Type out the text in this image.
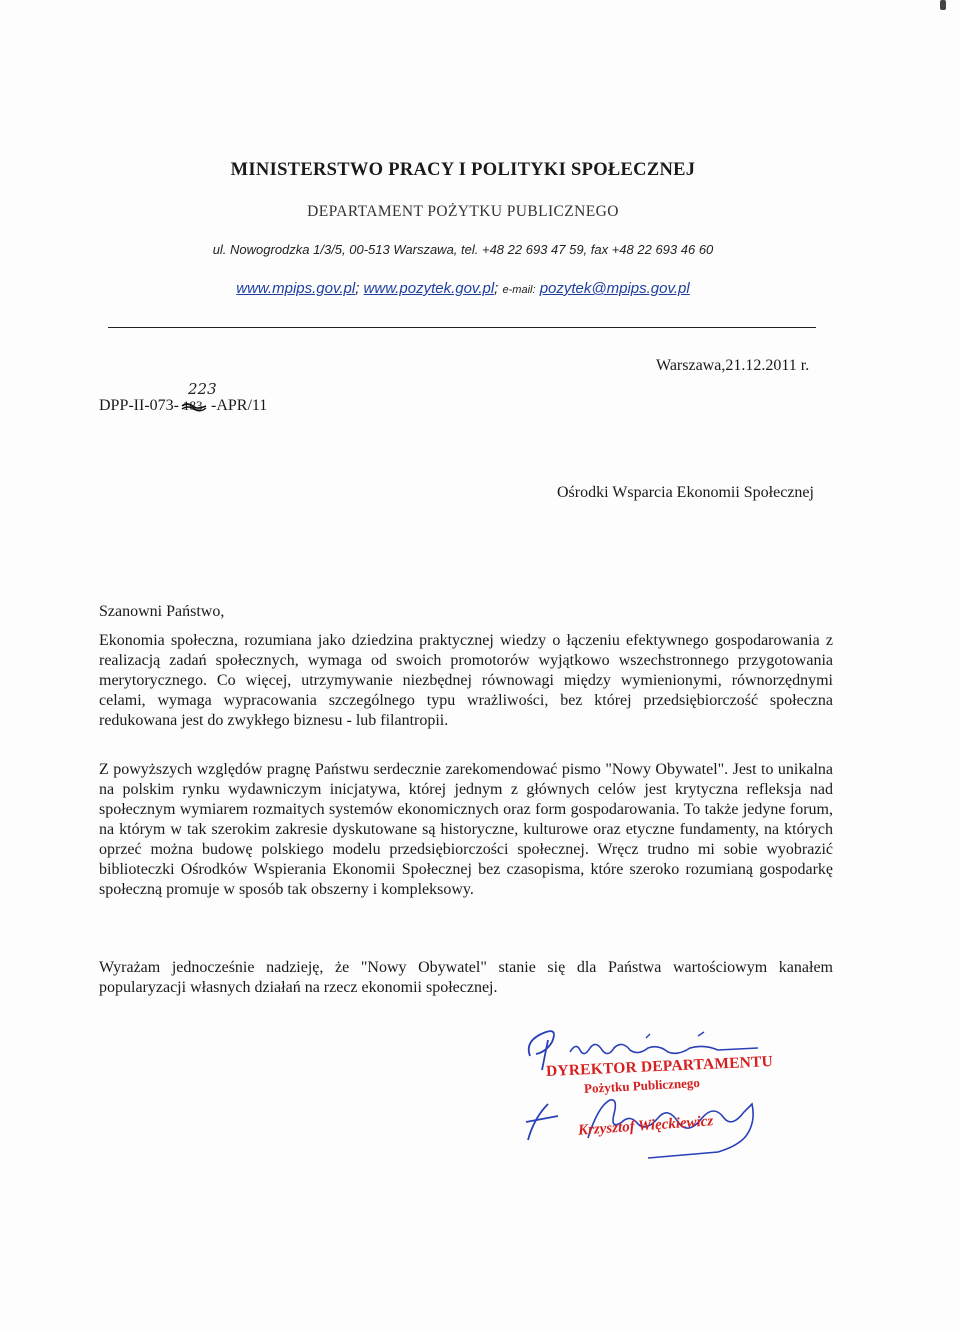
MINISTERSTWO PRACY I POLITYKI SPOŁECZNEJ
DEPARTAMENT POŻYTKU PUBLICZNEGO
ul. Nowogrodzka 1/3/5, 00-513 Warszawa, tel. +48 22 693 47 59, fax +48 22 693 46 60
www.mpips.gov.pl; www.pozytek.gov.pl; e-mail: pozytek@mpips.gov.pl
Warszawa,21.12.2011 r.
223
DPP-II-073- 183 -APR/11
Ośrodki Wsparcia Ekonomii Społecznej
Szanowni Państwo,
Ekonomia społeczna, rozumiana jako dziedzina praktycznej wiedzy o łączeniu efektywnego gospodarowania z realizacją zadań społecznych, wymaga od swoich promotorów wyjątkowo wszechstronnego przygotowania merytorycznego. Co więcej, utrzymywanie niezbędnej równowagi między wymienionymi, równorzędnymi celami, wymaga wypracowania szczególnego typu wrażliwości, bez której przedsiębiorczość społeczna redukowana jest do zwykłego biznesu - lub filantropii.
Z powyższych względów pragnę Państwu serdecznie zarekomendować pismo "Nowy Obywatel". Jest to unikalna na polskim rynku wydawniczym inicjatywa, której jednym z głównych celów jest krytyczna refleksja nad społecznym wymiarem rozmaitych systemów ekonomicznych oraz form gospodarowania. To także jedyne forum, na którym w tak szerokim zakresie dyskutowane są historyczne, kulturowe oraz etyczne fundamenty, na których oprzeć można budowę polskiego modelu przedsiębiorczości społecznej. Wręcz trudno mi sobie wyobrazić biblioteczki Ośrodków Wspierania Ekonomii Społecznej bez czasopisma, które szeroko rozumianą gospodarkę społeczną promuje w sposób tak obszerny i kompleksowy.
Wyrażam jednocześnie nadzieję, że "Nowy Obywatel" stanie się dla Państwa wartościowym kanałem popularyzacji własnych działań na rzecz ekonomii społecznej.
DYREKTOR DEPARTAMENTU
Pożytku Publicznego
Krzysztof Więckiewicz
